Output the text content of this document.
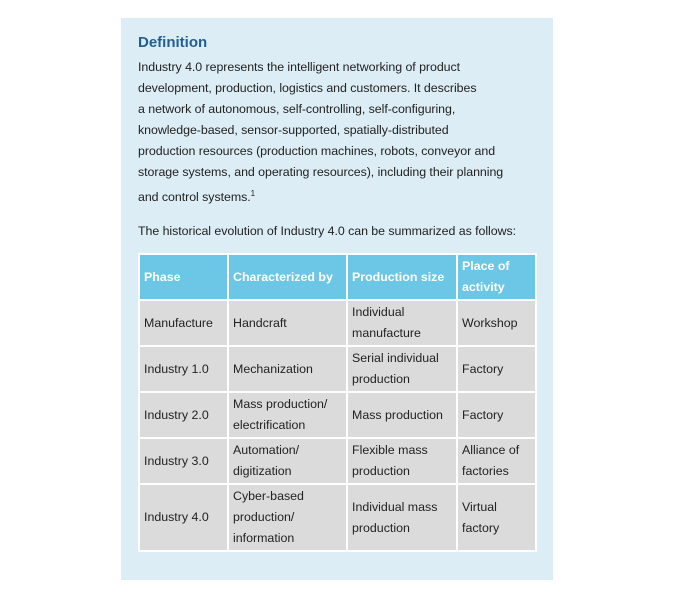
Definition

Industry 4.0 represents the intelligent networking of product
development, production, logistics and customers. It describes
a network of autonomous, self-controlling, self-configuring,
knowledge-based, sensor-supported, spatially-distributed
production resources (production machines, robots, conveyor and
storage systems, and operating resources), including their planning
and control systems.$^1$

The historical evolution of Industry 4.0 can be summarized as follows:

Phase	Characterized by	Production size	Place of activity
Manufacture	Handcraft	Individual manufacture	Workshop
Industry 1.0	Mechanization	Serial individual production	Factory
Industry 2.0	Mass production/ electrification	Mass production	Factory
Industry 3.0	Automation/ digitization	Flexible mass production	Alliance of factories
Industry 4.0	Cyber-based production/ information	Individual mass production	Virtual factory
